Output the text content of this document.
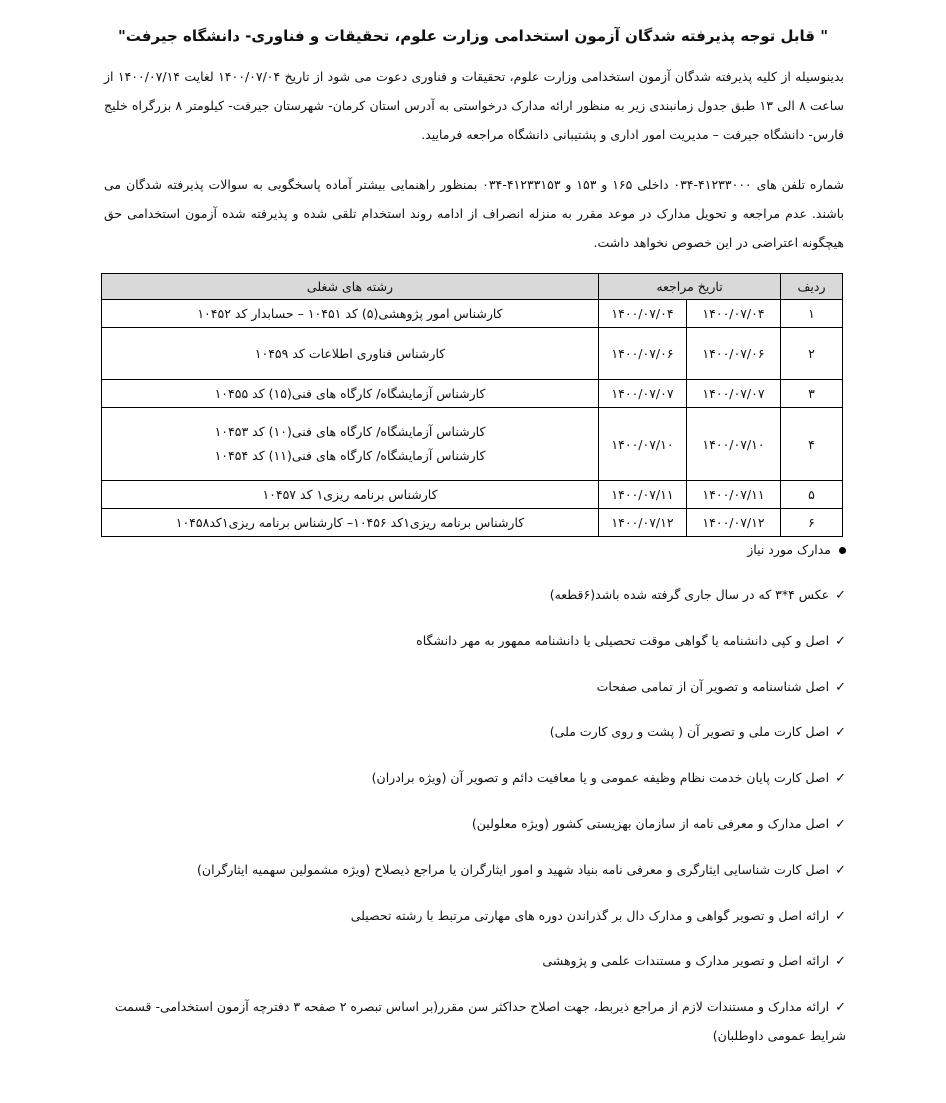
" قابل توجه پذیرفته شدگان آزمون استخدامی وزارت علوم، تحقیقات و فناوری- دانشگاه جیرفت"
بدینوسیله از کلیه پذیرفته شدگان آزمون استخدامی وزارت علوم، تحقیقات و فناوری دعوت می شود از تاریخ ۱۴۰۰/۰۷/۰۴ لغایت ۱۴۰۰/۰۷/۱۴ از ساعت ۸ الی ۱۳ طبق جدول زمانبندی زیر به منظور ارائه مدارک درخواستی به آدرس استان کرمان- شهرستان جیرفت- کیلومتر ۸ بزرگراه خلیج فارس- دانشگاه جیرفت – مدیریت امور اداری و پشتیبانی دانشگاه مراجعه فرمایید.
شماره تلفن های ۴۱۲۳۳۰۰۰-۰۳۴ داخلی ۱۶۵ و ۱۵۳ و ۴۱۲۳۳۱۵۳-۰۳۴ بمنظور راهنمایی بیشتر آماده پاسخگویی به سوالات پذیرفته شدگان می باشند. عدم مراجعه و تحویل مدارک در موعد مقرر به منزله انصراف از ادامه روند استخدام تلقی شده و پذیرفته شده آزمون استخدامی حق هیچگونه اعتراضی در این خصوص نخواهد داشت.
ردیف	تاریخ مراجعه		رشته های شغلی
۱	۱۴۰۰/۰۷/۰۴	۱۴۰۰/۰۷/۰۴	کارشناس امور پژوهشی(۵) کد ۱۰۴۵۱ – حسابدار کد ۱۰۴۵۲

۲	۱۴۰۰/۰۷/۰۶	۱۴۰۰/۰۷/۰۶	کارشناس فناوری اطلاعات کد ۱۰۴۵۹

۳	۱۴۰۰/۰۷/۰۷	۱۴۰۰/۰۷/۰۷	کارشناس آزمایشگاه/ کارگاه های فنی(۱۵) کد ۱۰۴۵۵

۴	۱۴۰۰/۰۷/۱۰	۱۴۰۰/۰۷/۱۰	کارشناس آزمایشگاه/ کارگاه های فنی(۱۰) کد ۱۰۴۵۳
کارشناس آزمایشگاه/ کارگاه های فنی(۱۱) کد ۱۰۴۵۴

۵	۱۴۰۰/۰۷/۱۱	۱۴۰۰/۰۷/۱۱	کارشناس برنامه ریزی۱ کد ۱۰۴۵۷

۶	۱۴۰۰/۰۷/۱۲	۱۴۰۰/۰۷/۱۲	کارشناس برنامه ریزی۱کد ۱۰۴۵۶– کارشناس برنامه ریزی۱کد۱۰۴۵۸
مدارک مورد نیاز
✓عکس ۴*۳ که در سال جاری گرفته شده باشد(۶قطعه)
✓اصل و کپی دانشنامه یا گواهی موقت تحصیلی یا دانشنامه ممهور به مهر دانشگاه
✓اصل شناسنامه و تصویر آن از تمامی صفحات
✓اصل کارت ملی و تصویر آن ( پشت و روی کارت ملی)
✓اصل کارت پایان خدمت نظام وظیفه عمومی و یا معافیت دائم و تصویر آن (ویژه برادران)
✓اصل مدارک و معرفی نامه از سازمان بهزیستی کشور (ویژه معلولین)
✓اصل کارت شناسایی ایثارگری و معرفی نامه بنیاد شهید و امور ایثارگران یا مراجع ذیصلاح (ویژه مشمولین سهمیه ایثارگران)
✓ارائه اصل و تصویر گواهی و مدارک دال بر گذراندن دوره های مهارتی مرتبط با رشته تحصیلی
✓ارائه اصل و تصویر مدارک و مستندات علمی و پژوهشی
✓ارائه مدارک و مستندات لازم از مراجع ذیربط، جهت اصلاح حداکثر سن مقرر(بر اساس تبصره ۲ صفحه ۳ دفترچه آزمون استخدامی- قسمت شرایط عمومی داوطلبان)
